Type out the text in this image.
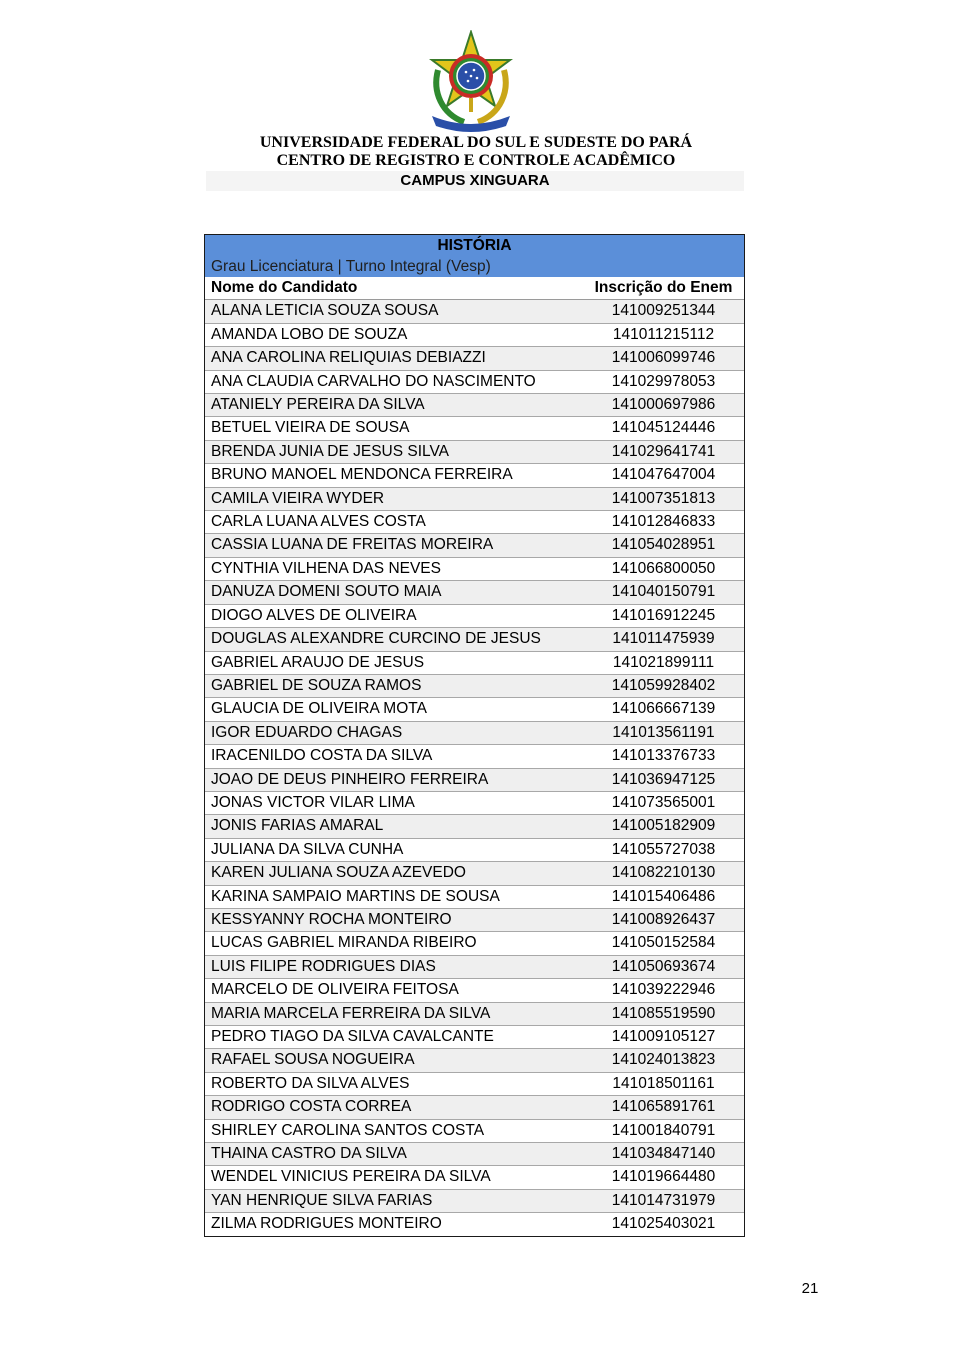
UNIVERSIDADE FEDERAL DO SUL E SUDESTE DO PARÁ
CENTRO DE REGISTRO E CONTROLE ACADÊMICO
CAMPUS XINGUARA
HISTÓRIA	
Grau Licenciatura | Turno Integral (Vesp)	
Nome do Candidato	Inscrição do Enem
ALANA LETICIA SOUZA SOUSA	141009251344
AMANDA LOBO DE SOUZA	141011215112
ANA CAROLINA RELIQUIAS DEBIAZZI	141006099746
ANA CLAUDIA CARVALHO DO NASCIMENTO	141029978053
ATANIELY PEREIRA DA SILVA	141000697986
BETUEL VIEIRA DE SOUSA	141045124446
BRENDA JUNIA DE JESUS SILVA	141029641741
BRUNO MANOEL MENDONCA FERREIRA	141047647004
CAMILA VIEIRA WYDER	141007351813
CARLA LUANA ALVES COSTA	141012846833
CASSIA LUANA DE FREITAS MOREIRA	141054028951
CYNTHIA VILHENA DAS NEVES	141066800050
DANUZA DOMENI SOUTO MAIA	141040150791
DIOGO ALVES DE OLIVEIRA	141016912245
DOUGLAS ALEXANDRE CURCINO DE JESUS	141011475939
GABRIEL ARAUJO DE JESUS	141021899111
GABRIEL DE SOUZA RAMOS	141059928402
GLAUCIA DE OLIVEIRA MOTA	141066667139
IGOR EDUARDO CHAGAS	141013561191
IRACENILDO COSTA DA SILVA	141013376733
JOAO DE DEUS PINHEIRO FERREIRA	141036947125
JONAS VICTOR VILAR LIMA	141073565001
JONIS FARIAS AMARAL	141005182909
JULIANA DA SILVA CUNHA	141055727038
KAREN JULIANA SOUZA AZEVEDO	141082210130
KARINA SAMPAIO MARTINS DE SOUSA	141015406486
KESSYANNY ROCHA MONTEIRO	141008926437
LUCAS GABRIEL MIRANDA RIBEIRO	141050152584
LUIS FILIPE RODRIGUES DIAS	141050693674
MARCELO DE OLIVEIRA FEITOSA	141039222946
MARIA MARCELA FERREIRA DA SILVA	141085519590
PEDRO TIAGO DA SILVA CAVALCANTE	141009105127
RAFAEL SOUSA NOGUEIRA	141024013823
ROBERTO DA SILVA ALVES	141018501161
RODRIGO COSTA CORREA	141065891761
SHIRLEY CAROLINA SANTOS COSTA	141001840791
THAINA CASTRO DA SILVA	141034847140
WENDEL VINICIUS PEREIRA DA SILVA	141019664480
YAN HENRIQUE SILVA FARIAS	141014731979
ZILMA RODRIGUES MONTEIRO	141025403021
21
